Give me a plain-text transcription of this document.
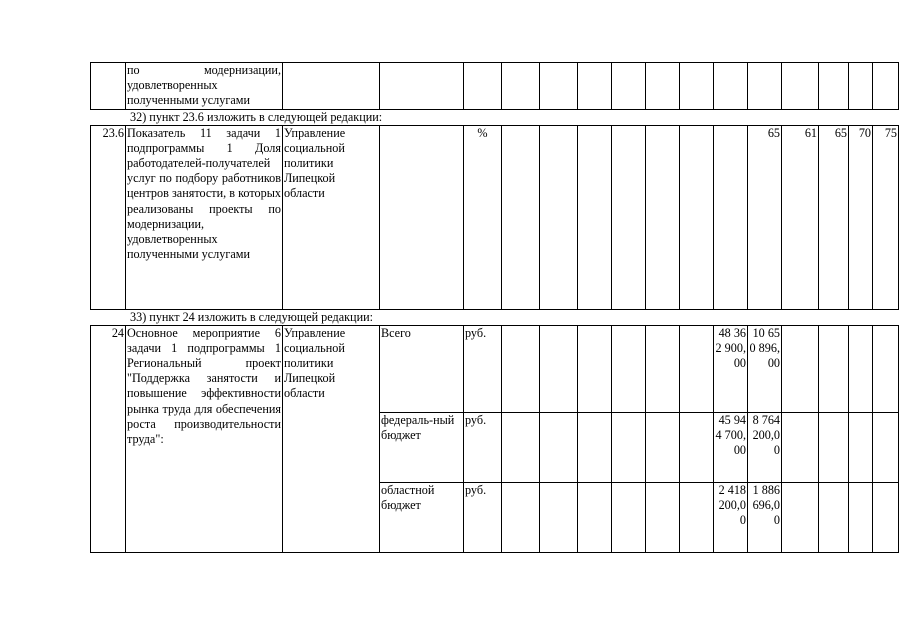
по модернизации,
удовлетворенных
полученными услугами

32) пункт 23.6 изложить в следующей редакции:
23.6	Показатель 11 задачи 1 подпрограммы 1 Доля работодателей-получателей услуг по подбору работников центров занятости, в которых реализованы проекты по модернизации, удовлетворенных полученными услугами	Управление социальной политики Липецкой области		%								65	61	65	70	75
33) пункт 24 изложить в следующей редакции:
24	Основное мероприятие 6 задачи 1 подпрограммы 1 Региональный проект "Поддержка занятости и повышение эффективности рынка труда для обеспечения роста производительности труда":	Управление социальной политики Липецкой области	Всего	руб.							48 362 900,00	10 650 896,00				
			федераль-ный бюджет	руб.							45 944 700,00	8 764 200,00				
			областной бюджет	руб.							2 418 200,00	1 886 696,00				
